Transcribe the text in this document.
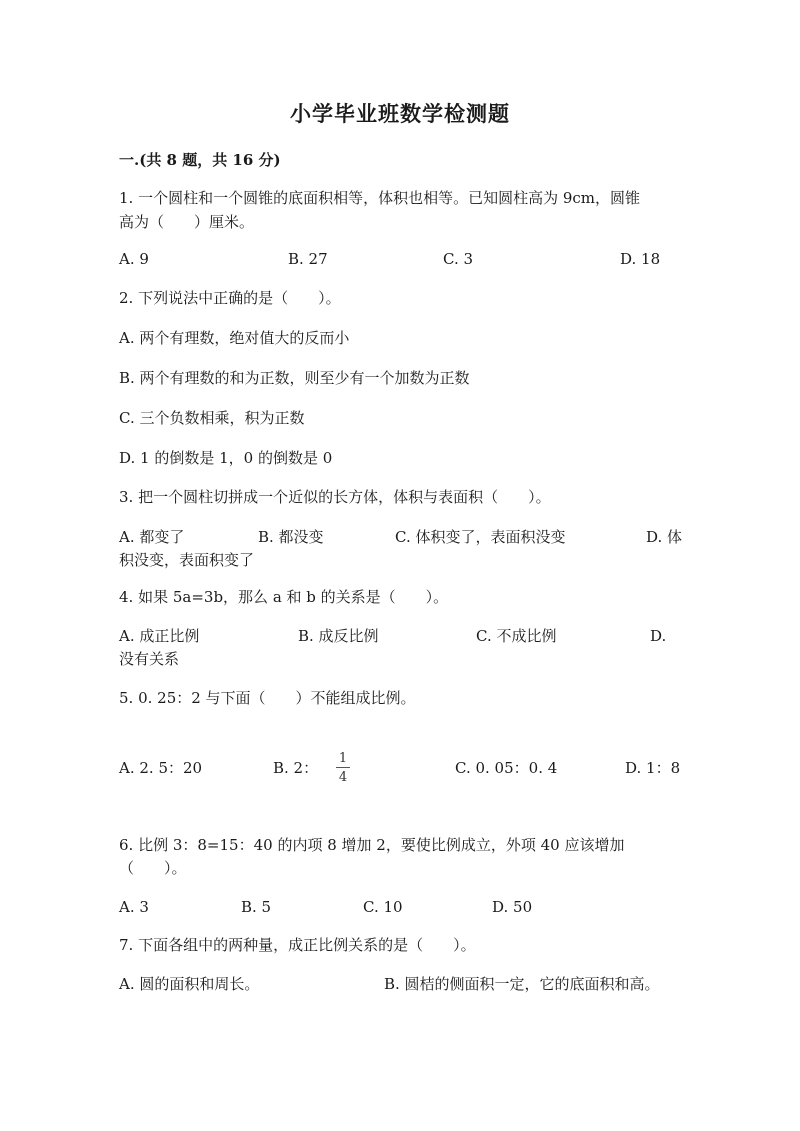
小学毕业班数学检测题
一.(共 8 题，共 16 分)
1. 一个圆柱和一个圆锥的底面积相等，体积也相等。已知圆柱高为 9cm，圆锥
高为（　　）厘米。
A. 9	B. 27	C. 3	D. 18
2. 下列说法中正确的是（　　）。
A. 两个有理数，绝对值大的反而小
B. 两个有理数的和为正数，则至少有一个加数为正数
C. 三个负数相乘，积为正数
D. 1 的倒数是 1，0 的倒数是 0
3. 把一个圆柱切拼成一个近似的长方体，体积与表面积（　　）。
A. 都变了	B. 都没变	C. 体积变了，表面积没变	D. 体
积没变，表面积变了
4. 如果 5a=3b，那么 a 和 b 的关系是（　　）。
A. 成正比例	B. 成反比例	C. 不成比例	D.
没有关系
5. 0. 25：2 与下面（　　）不能组成比例。
A. 2. 5：20	B. 2：
1
4
C. 0. 05：0. 4	D. 1：8
6. 比例 3：8=15：40 的内项 8 增加 2，要使比例成立，外项 40 应该增加
（　　）。
A. 3	B. 5	C. 10	D. 50
7. 下面各组中的两种量，成正比例关系的是（　　）。
A. 圆的面积和周长。	B. 圆桔的侧面积一定，它的底面积和高。
